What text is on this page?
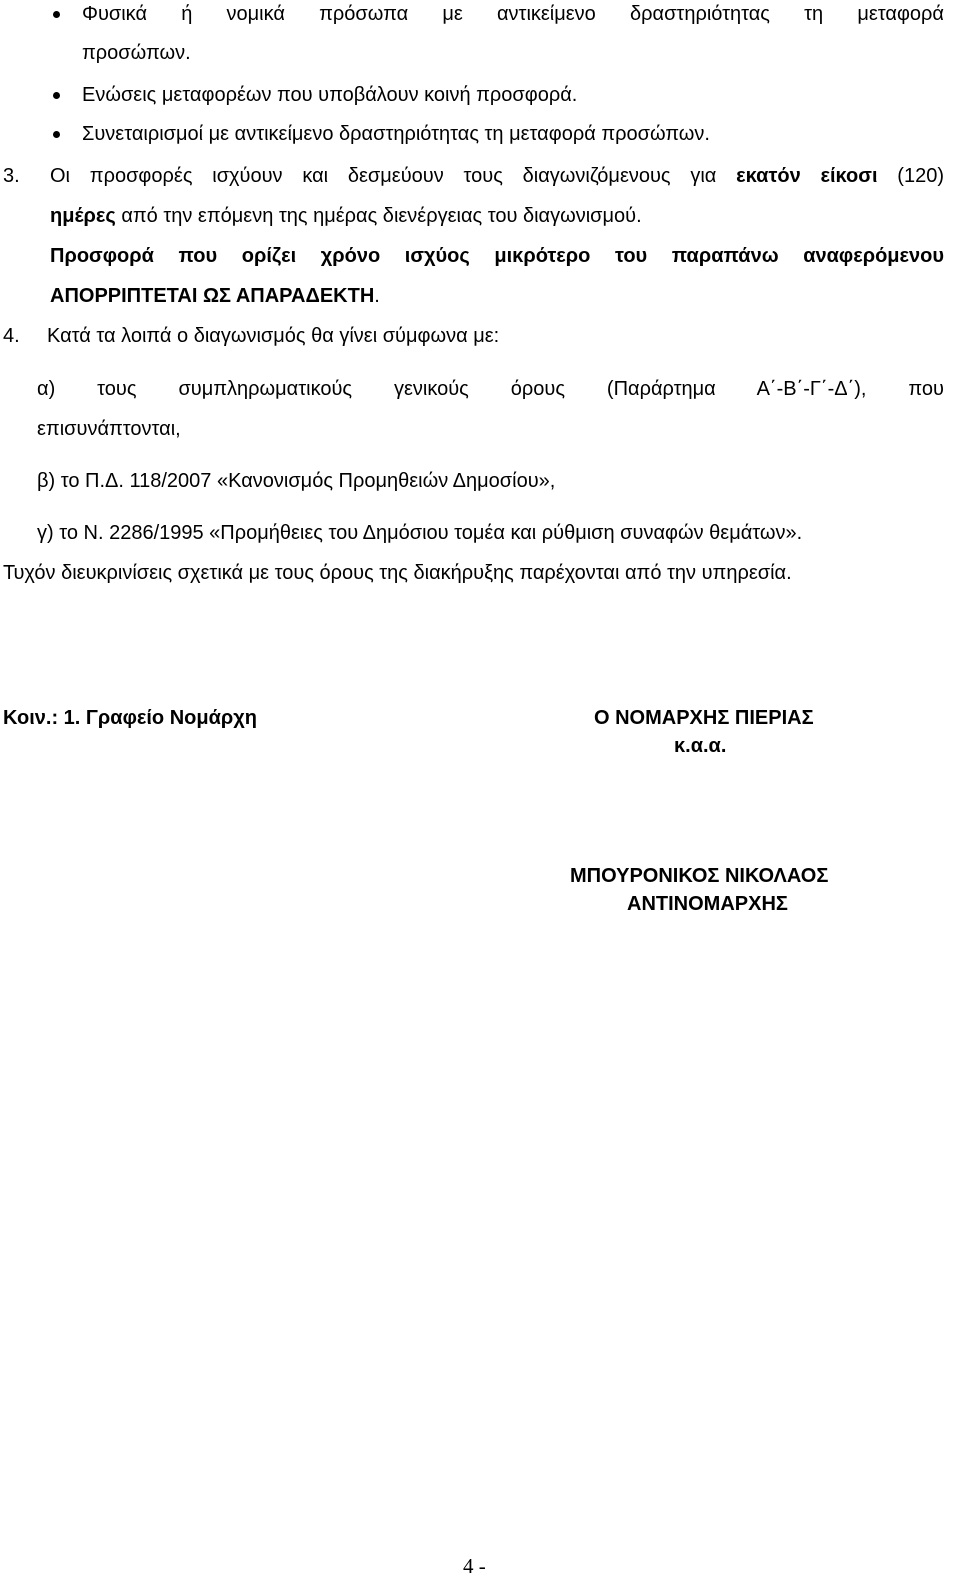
Φυσικά ή νομικά πρόσωπα με αντικείμενο δραστηριότητας τη μεταφορά
προσώπων.
Ενώσεις μεταφορέων που υποβάλουν κοινή προσφορά.
Συνεταιρισμοί με αντικείμενο δραστηριότητας τη μεταφορά προσώπων.
3. Οι προσφορές ισχύουν και δεσμεύουν τους διαγωνιζόμενους για εκατόν είκοσι (120)
ημέρες από την επόμενη της ημέρας διενέργειας του διαγωνισμού.
Προσφορά που ορίζει χρόνο ισχύος μικρότερο του παραπάνω αναφερόμενου
ΑΠΟΡΡΙΠΤΕΤΑΙ ΩΣ ΑΠΑΡΑΔΕΚΤΗ.
4. Κατά τα λοιπά ο διαγωνισμός θα γίνει σύμφωνα με:
α) τους συμπληρωματικούς γενικούς όρους (Παράρτημα Α΄-Β΄-Γ΄-Δ΄), που
επισυνάπτονται,
β) το Π.Δ. 118/2007 «Κανονισμός Προμηθειών Δημοσίου»,
γ) το Ν. 2286/1995 «Προμήθειες του Δημόσιου τομέα και ρύθμιση συναφών θεμάτων».
Τυχόν διευκρινίσεις σχετικά με τους όρους της διακήρυξης παρέχονται από την υπηρεσία.
Κοιν.: 1. Γραφείο Νομάρχη	Ο ΝΟΜΑΡΧΗΣ ΠΙΕΡΙΑΣ
κ.α.α.
ΜΠΟΥΡΟΝΙΚΟΣ ΝΙΚΟΛΑΟΣ
ΑΝΤΙΝΟΜΑΡΧΗΣ
4 -
